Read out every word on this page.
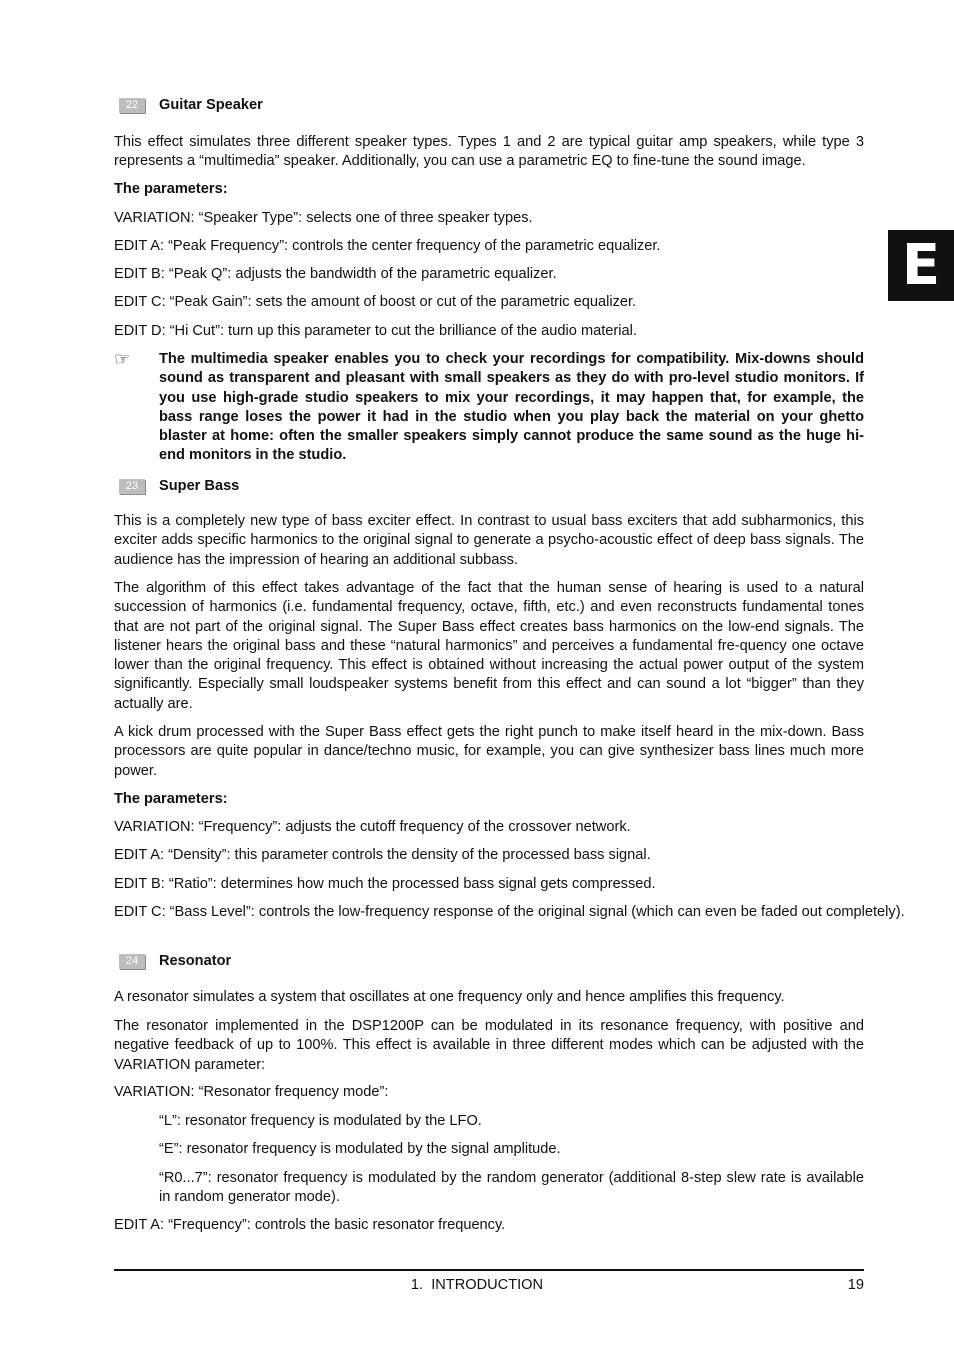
E
22	Guitar Speaker

This effect simulates three different speaker types. Types 1 and 2 are typical guitar amp speakers, while type 3 represents a “multimedia” speaker. Additionally, you can use a parametric EQ to fine-tune the sound image.

The parameters:

VARIATION: “Speaker Type”: selects one of three speaker types.

EDIT A: “Peak Frequency”: controls the center frequency of the parametric equalizer.

EDIT B: “Peak Q”: adjusts the bandwidth of the parametric equalizer.

EDIT C: “Peak Gain”: sets the amount of boost or cut of the parametric equalizer.

EDIT D: “Hi Cut”: turn up this parameter to cut the brilliance of the audio material.

☞	The multimedia speaker enables you to check your recordings for compatibility. Mix-downs should sound as transparent and pleasant with small speakers as they do with pro-level studio monitors. If you use high-grade studio speakers to mix your recordings, it may happen that, for example, the bass range loses the power it had in the studio when you play back the material on your ghetto blaster at home: often the smaller speakers simply cannot produce the same sound as the huge hi-end monitors in the studio.

23	Super Bass

This is a completely new type of bass exciter effect. In contrast to usual bass exciters that add subharmonics, this exciter adds specific harmonics to the original signal to generate a psycho-acoustic effect of deep bass signals. The audience has the impression of hearing an additional subbass.

The algorithm of this effect takes advantage of the fact that the human sense of hearing is used to a natural succession of harmonics (i.e. fundamental frequency, octave, fifth, etc.) and even reconstructs fundamental tones that are not part of the original signal. The Super Bass effect creates bass harmonics on the low-end signals. The listener hears the original bass and these “natural harmonics” and perceives a fundamental fre-quency one octave lower than the original frequency. This effect is obtained without increasing the actual power output of the system significantly. Especially small loudspeaker systems benefit from this effect and can sound a lot “bigger” than they actually are.

A kick drum processed with the Super Bass effect gets the right punch to make itself heard in the mix-down. Bass processors are quite popular in dance/techno music, for example, you can give synthesizer bass lines much more power.

The parameters:

VARIATION: “Frequency”: adjusts the cutoff frequency of the crossover network.

EDIT A: “Density”: this parameter controls the density of the processed bass signal.

EDIT B: “Ratio”: determines how much the processed bass signal gets compressed.

EDIT C: “Bass Level”: controls the low-frequency response of the original signal (which can even be faded out completely).

24	Resonator

A resonator simulates a system that oscillates at one frequency only and hence amplifies this frequency.

The resonator implemented in the DSP1200P can be modulated in its resonance frequency, with positive and negative feedback of up to 100%. This effect is available in three different modes which can be adjusted with the VARIATION parameter:

VARIATION: “Resonator frequency mode”:

“L”: resonator frequency is modulated by the LFO.

“E”: resonator frequency is modulated by the signal amplitude.

“R0...7”: resonator frequency is modulated by the random generator (additional 8-step slew rate is available in random generator mode).

EDIT A: “Frequency”: controls the basic resonator frequency.

1. INTRODUCTION	19
